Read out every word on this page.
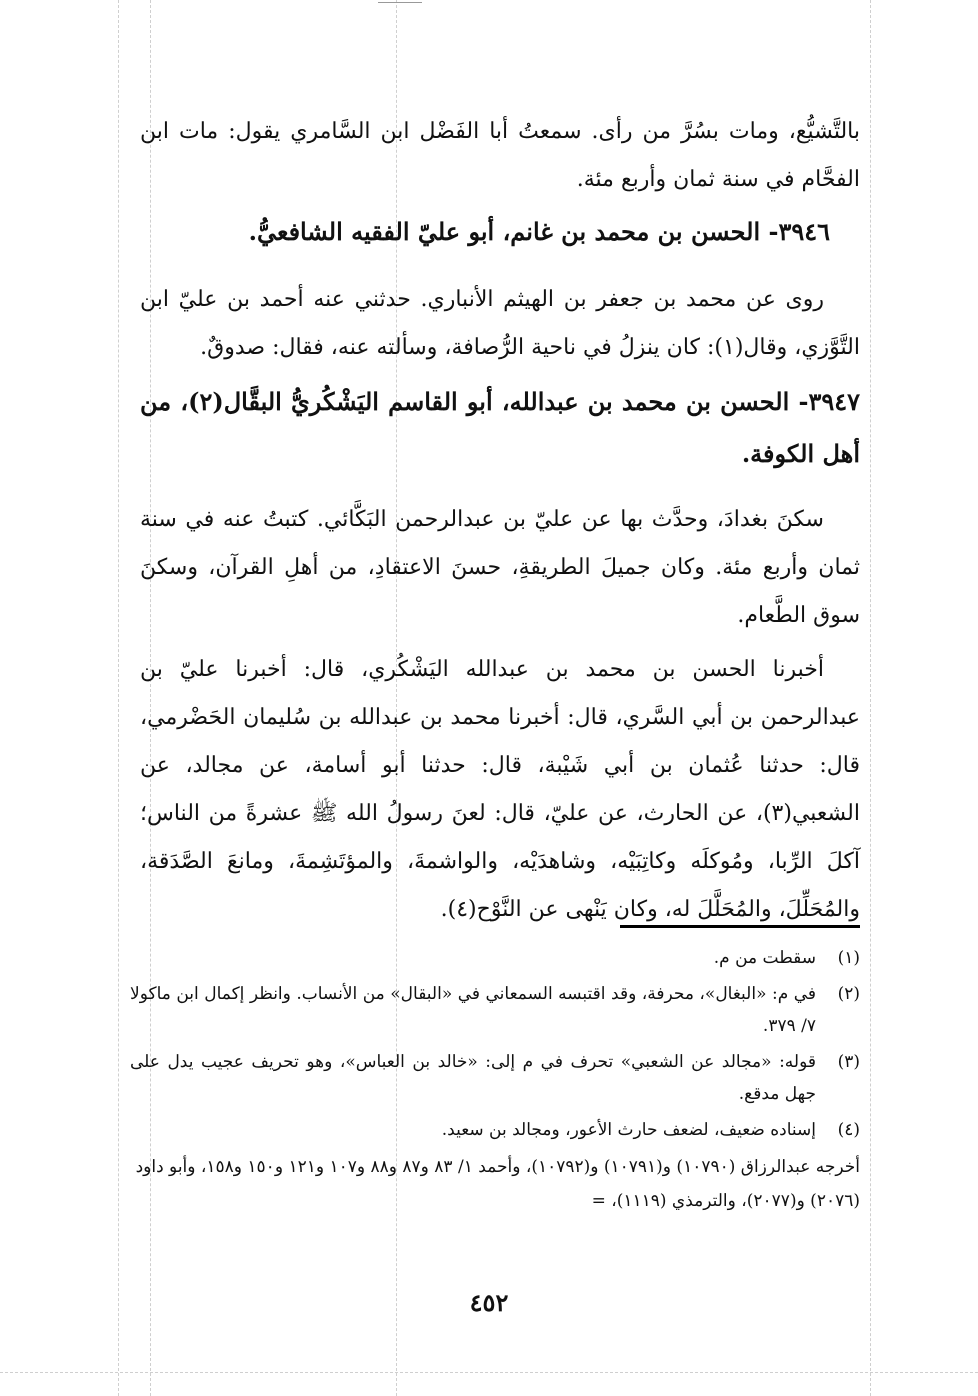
بالتَّشيُّع، ومات بسُرَّ من رأى. سمعتُ أبا الفَضْل ابن السَّامري يقول: مات ابن الفحَّام في سنة ثمان وأربع مئة.

٣٩٤٦- الحسن بن محمد بن غانم، أبو عليّ الفقيه الشافعيُّ.

روى عن محمد بن جعفر بن الهيثم الأنباري. حدثني عنه أحمد بن عليّ ابن التَّوَّزي، وقال(١): كان ينزلُ في ناحية الرُّصافة، وسألته عنه، فقال: صدوقٌ.

٣٩٤٧- الحسن بن محمد بن عبدالله، أبو القاسم اليَشْكُريُّ البقَّال(٢)، من أهل الكوفة.

سكنَ بغدادَ، وحدَّث بها عن عليّ بن عبدالرحمن البَكَّائي. كتبتُ عنه في سنة ثمان وأربع مئة. وكان جميلَ الطريقةِ، حسنَ الاعتقادِ، من أهلِ القرآن، وسكنَ سوق الطَّعام.

أخبرنا الحسن بن محمد بن عبدالله اليَشْكُري، قال: أخبرنا عليّ بن عبدالرحمن بن أبي السَّري، قال: أخبرنا محمد بن عبدالله بن سُليمان الحَضْرمي، قال: حدثنا عُثمان بن أبي شَيْبة، قال: حدثنا أبو أسامة، عن مجالد، عن الشعبي(٣)، عن الحارث، عن عليّ، قال: لعنَ رسولُ الله ﷺ عشرةً من الناس؛ آكلَ الرِّبا، ومُوكلَه وكاتِبَيْه، وشاهدَيْه، والواشمةَ، والمؤتَشِمةَ، ومانعَ الصَّدَقة، والمُحَلِّلَ، والمُحَلَّلَ له، وكان يَنْهى عن النَّوْح(٤).

(١)
سقطت من م.
(٢)
في م: «البغال»، محرفة، وقد اقتبسه السمعاني في «البقال» من الأنساب. وانظر إكمال ابن ماكولا ٧/ ٣٧٩.
(٣)
قوله: «مجالد عن الشعبي» تحرف في م إلى: «خالد بن العباس»، وهو تحريف عجيب يدل على جهل مدقع.
(٤)
إسناده ضعيف، لضعف حارث الأعور، ومجالد بن سعيد.

أخرجه عبدالرزاق (١٠٧٩٠) و(١٠٧٩١) و(١٠٧٩٢)، وأحمد ١/ ٨٣ و٨٧ و٨٨ و١٠٧ و١٢١ و١٥٠ و١٥٨، وأبو داود (٢٠٧٦) و(٢٠٧٧)، والترمذي (١١١٩)، =

٤٥٢
